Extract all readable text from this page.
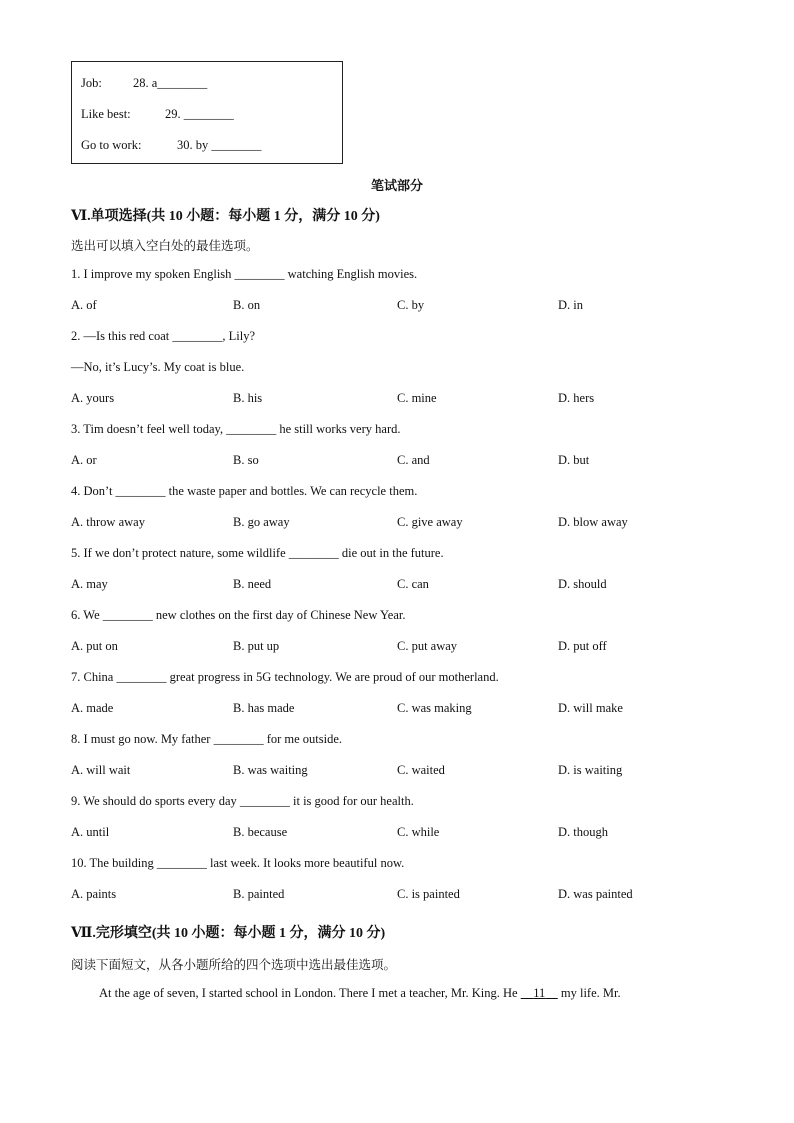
Job: 28. a________
Like best:	29. ________
Go to work:	30. by ________
笔试部分
Ⅵ.单项选择(共 10 小题：每小题 1 分，满分 10 分)
选出可以填入空白处的最佳选项。
1. I improve my spoken English ________ watching English movies.
A. of	B. on	C. by	D. in
2. —Is this red coat ________, Lily?
—No, it’s Lucy’s. My coat is blue.
A. yours	B. his	C. mine	D. hers
3. Tim doesn’t feel well today, ________ he still works very hard.
A. or	B. so	C. and	D. but
4. Don’t ________ the waste paper and bottles. We can recycle them.
A. throw away	B. go away	C. give away	D. blow away
5. If we don’t protect nature, some wildlife ________ die out in the future.
A. may	B. need	C. can	D. should
6. We ________ new clothes on the first day of Chinese New Year.
A. put on	B. put up	C. put away	D. put off
7. China ________ great progress in 5G technology. We are proud of our motherland.
A. made	B. has made	C. was making	D. will make
8. I must go now. My father ________ for me outside.
A. will wait	B. was waiting	C. waited	D. is waiting
9. We should do sports every day ________ it is good for our health.
A. until	B. because	C. while	D. though
10. The building ________ last week. It looks more beautiful now.
A. paints	B. painted	C. is painted	D. was painted
Ⅶ.完形填空(共 10 小题：每小题 1 分，满分 10 分)
阅读下面短文，从各小题所给的四个选项中选出最佳选项。
At the age of seven, I started school in London. There I met a teacher, Mr. King. He 11 my life. Mr.
